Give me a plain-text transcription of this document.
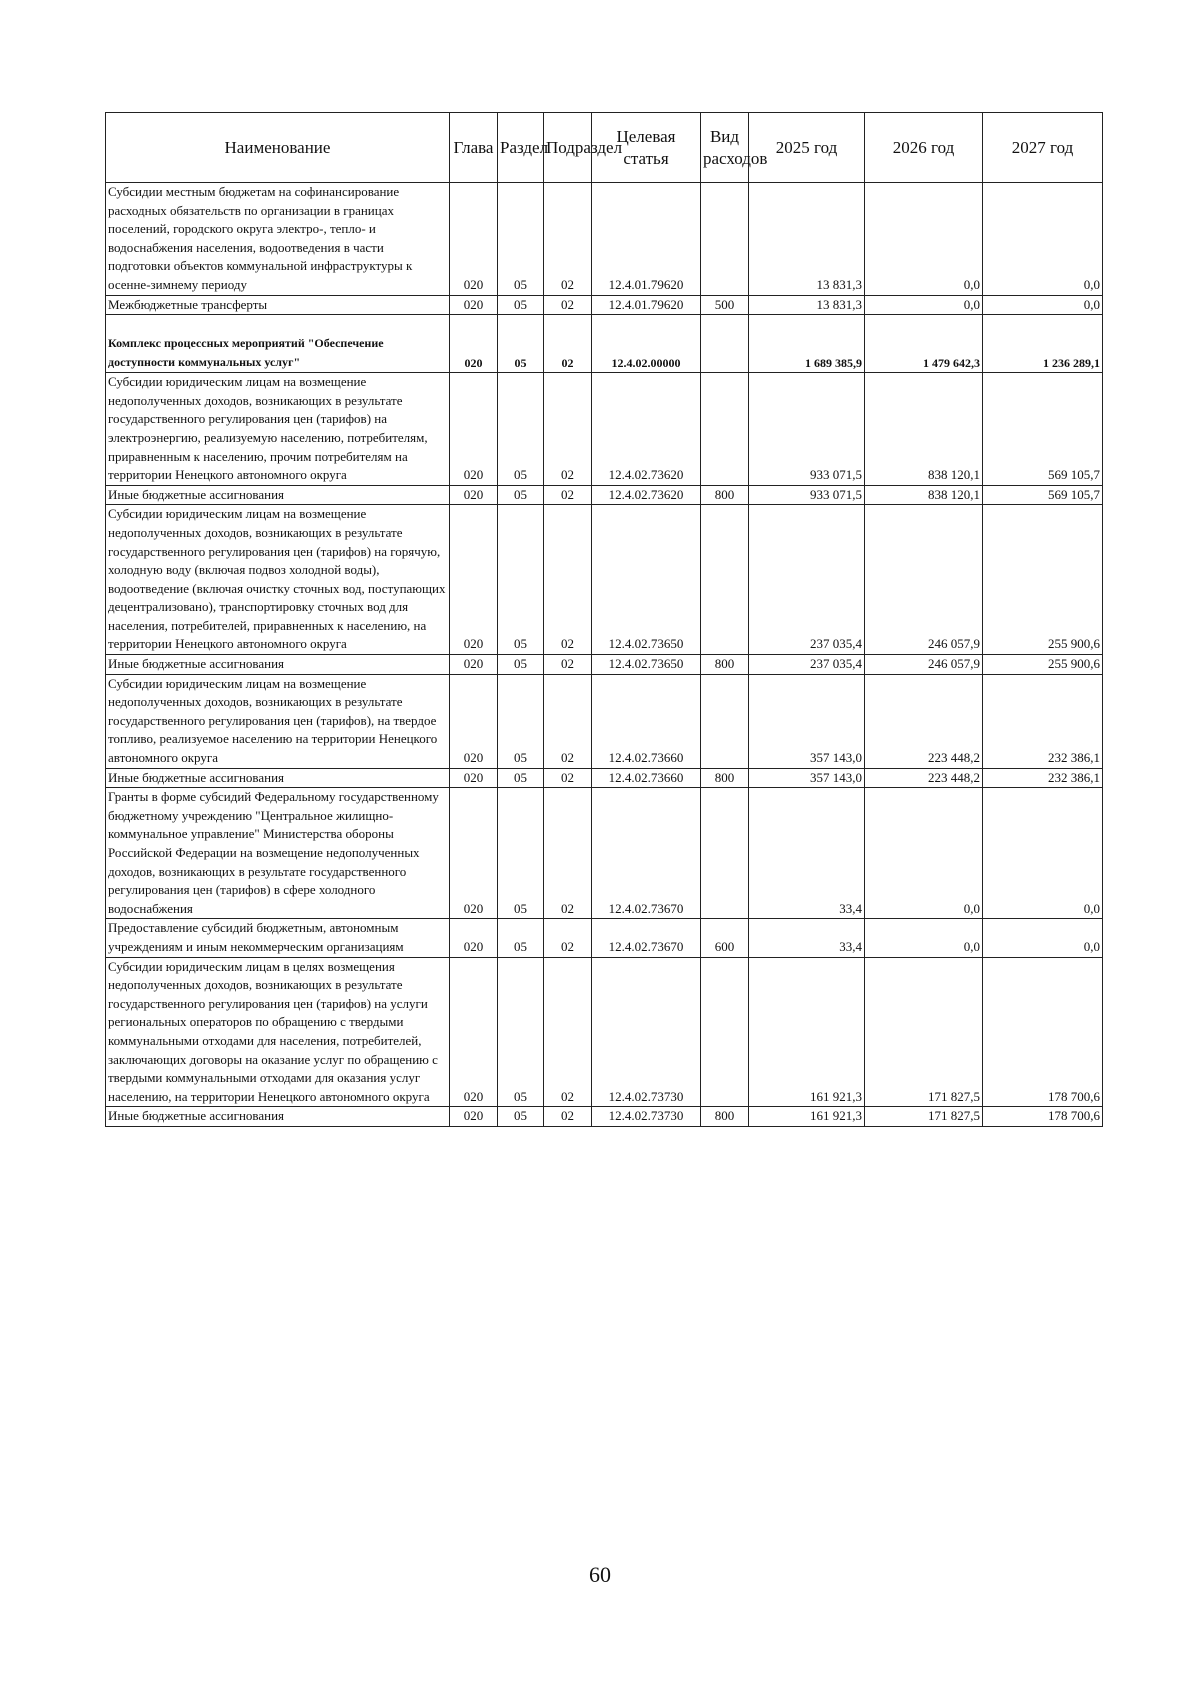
Наименование	Глава	Раздел	Подраздел	Целевая статья	Вид расходов	2025 год	2026 год	2027 год
Субсидии местным бюджетам на софинансирование расходных обязательств по организации в границах поселений, городского округа электро-, тепло- и водоснабжения населения, водоотведения в части подготовки объектов коммунальной инфраструктуры к осенне-зимнему периоду	020	05	02	12.4.01.79620		13 831,3	0,0	0,0
Межбюджетные трансферты	020	05	02	12.4.01.79620	500	13 831,3	0,0	0,0
Комплекс процессных мероприятий "Обеспечение доступности коммунальных услуг"	020	05	02	12.4.02.00000		1 689 385,9	1 479 642,3	1 236 289,1
Субсидии юридическим лицам на возмещение недополученных доходов, возникающих в результате государственного регулирования цен (тарифов) на электроэнергию, реализуемую населению, потребителям, приравненным к населению, прочим потребителям на территории Ненецкого автономного округа	020	05	02	12.4.02.73620		933 071,5	838 120,1	569 105,7
Иные бюджетные ассигнования	020	05	02	12.4.02.73620	800	933 071,5	838 120,1	569 105,7
Субсидии юридическим лицам на возмещение недополученных доходов, возникающих в результате государственного регулирования цен (тарифов) на горячую, холодную воду (включая подвоз холодной воды), водоотведение (включая очистку сточных вод, поступающих децентрализовано), транспортировку сточных вод для населения, потребителей, приравненных к населению, на территории Ненецкого автономного округа	020	05	02	12.4.02.73650		237 035,4	246 057,9	255 900,6
Иные бюджетные ассигнования	020	05	02	12.4.02.73650	800	237 035,4	246 057,9	255 900,6
Субсидии юридическим лицам на возмещение недополученных доходов, возникающих в результате государственного регулирования цен (тарифов), на твердое топливо, реализуемое населению на территории Ненецкого автономного округа	020	05	02	12.4.02.73660		357 143,0	223 448,2	232 386,1
Иные бюджетные ассигнования	020	05	02	12.4.02.73660	800	357 143,0	223 448,2	232 386,1
Гранты в форме субсидий Федеральному государственному бюджетному учреждению "Центральное жилищно-коммунальное управление" Министерства обороны Российской Федерации на возмещение недополученных доходов, возникающих в результате государственного регулирования цен (тарифов) в сфере холодного водоснабжения	020	05	02	12.4.02.73670		33,4	0,0	0,0
Предоставление субсидий бюджетным, автономным учреждениям и иным некоммерческим организациям	020	05	02	12.4.02.73670	600	33,4	0,0	0,0
Субсидии юридическим лицам в целях возмещения недополученных доходов, возникающих в результате государственного регулирования цен (тарифов) на услуги региональных операторов по обращению с твердыми коммунальными отходами для населения, потребителей, заключающих договоры на оказание услуг по обращению с твердыми коммунальными отходами для оказания услуг населению, на территории Ненецкого автономного округа	020	05	02	12.4.02.73730		161 921,3	171 827,5	178 700,6
Иные бюджетные ассигнования	020	05	02	12.4.02.73730	800	161 921,3	171 827,5	178 700,6
60
